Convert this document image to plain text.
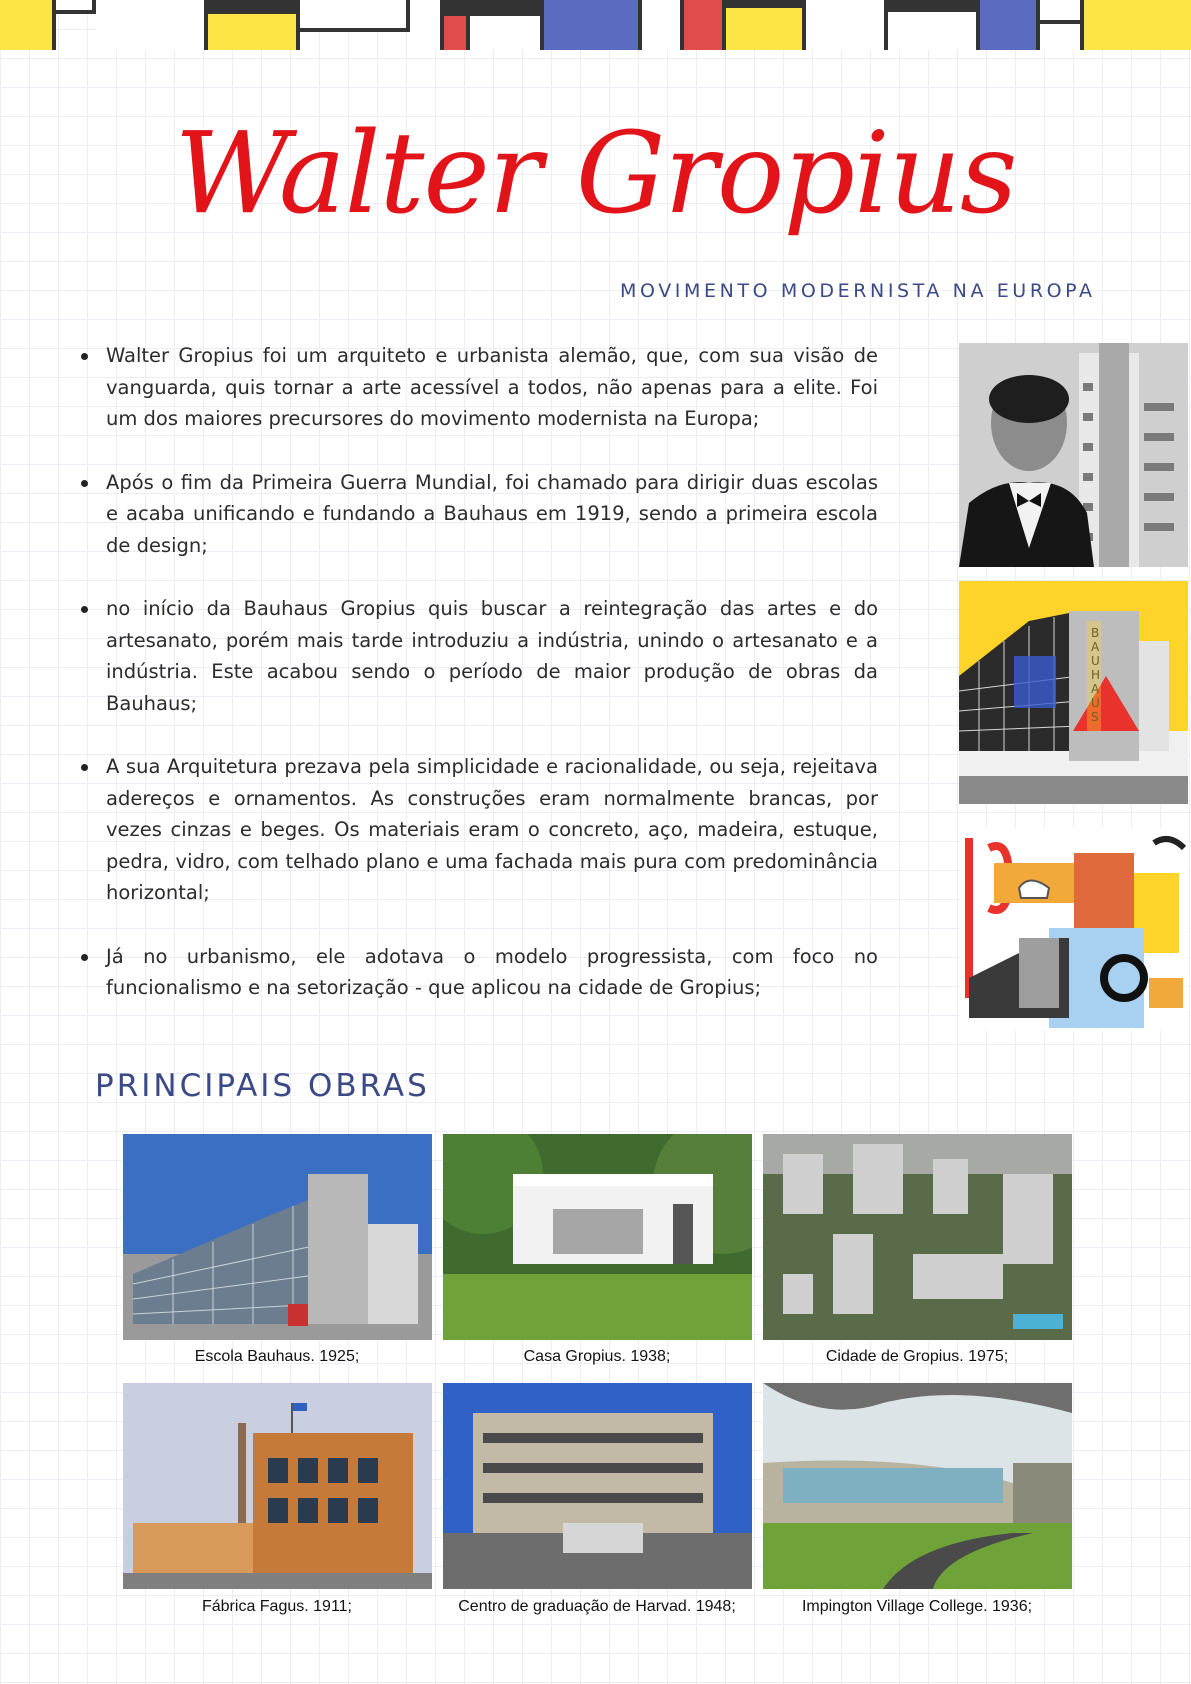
Walter Gropius
MOVIMENTO MODERNISTA NA EUROPA
Walter Gropius foi um arquiteto e urbanista alemão, que, com sua visão de vanguarda, quis tornar a arte acessível a todos, não apenas para a elite. Foi um dos maiores precursores do movimento modernista na Europa;
Após o fim da Primeira Guerra Mundial, foi chamado para dirigir duas escolas e acaba unificando e fundando a Bauhaus em 1919, sendo a primeira escola de design;
no início da Bauhaus Gropius quis buscar a reintegração das artes e do artesanato, porém mais tarde introduziu a indústria, unindo o artesanato e a indústria. Este acabou sendo o período de maior produção de obras da Bauhaus;
A sua Arquitetura prezava pela simplicidade e racionalidade, ou seja, rejeitava adereços e ornamentos. As construções eram normalmente brancas, por vezes cinzas e beges. Os materiais eram o concreto, aço, madeira, estuque, pedra, vidro, com telhado plano e uma fachada mais pura com predominância horizontal;
Já no urbanismo, ele adotava o modelo progressista, com foco no funcionalismo e na setorização - que aplicou na cidade de Gropius;
B A U H A U S
PRINCIPAIS OBRAS
Escola Bauhaus. 1925;	Casa Gropius. 1938;	Cidade de Gropius. 1975;
Fábrica Fagus. 1911;	Centro de graduação de Harvad. 1948;	Impington Village College. 1936;
